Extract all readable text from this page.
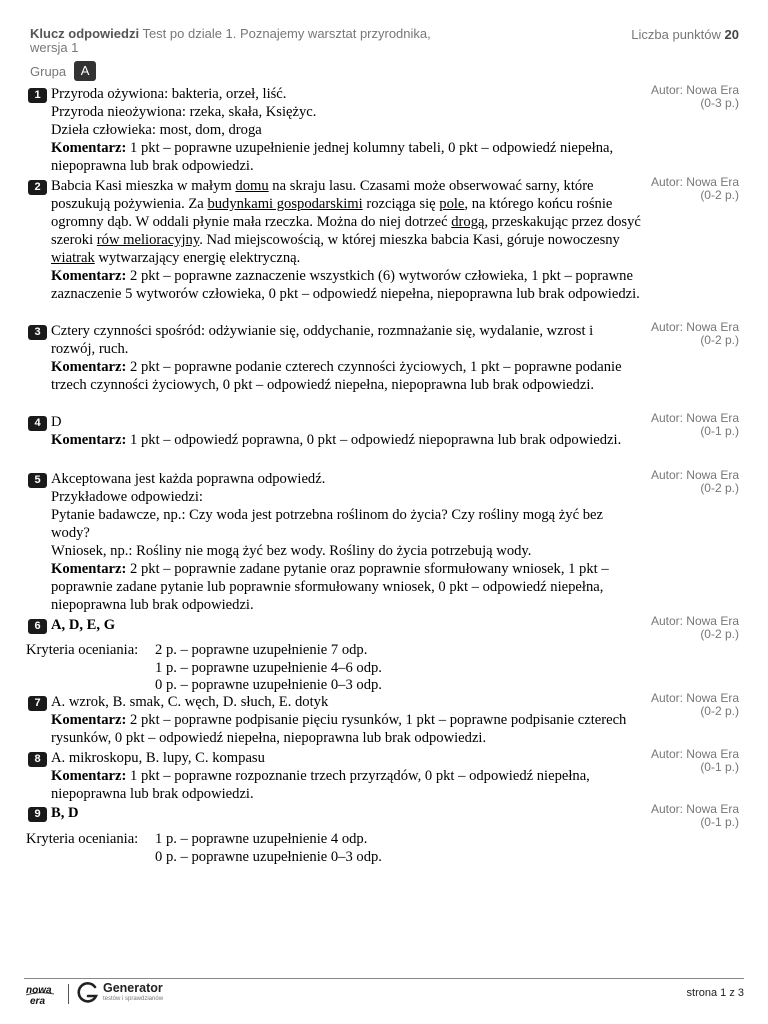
Klucz odpowiedzi Test po dziale 1. Poznajemy warsztat przyrodnika, wersja 1
Liczba punktów 20
Grupa	A
1	Autor: Nowa Era
(0-3 p.)

Przyroda ożywiona: bakteria, orzeł, liść.

Przyroda nieożywiona: rzeka, skała, Księżyc.

Dzieła człowieka: most, dom, droga

Komentarz: 1 pkt – poprawne uzupełnienie jednej kolumny tabeli, 0 pkt – odpowiedź niepełna, niepoprawna lub brak odpowiedzi.

2	Autor: Nowa Era
(0-2 p.)

Babcia Kasi mieszka w małym domu na skraju lasu. Czasami może obserwować sarny, które poszukują pożywienia. Za budynkami gospodarskimi rozciąga się pole, na którego końcu rośnie ogromny dąb. W oddali płynie mała rzeczka. Można do niej dotrzeć drogą, przeskakując przez dosyć szeroki rów melioracyjny. Nad miejscowością, w której mieszka babcia Kasi, góruje nowoczesny wiatrak wytwarzający energię elektryczną.

Komentarz: 2 pkt – poprawne zaznaczenie wszystkich (6) wytworów człowieka, 1 pkt – poprawne zaznaczenie 5 wytworów człowieka, 0 pkt – odpowiedź niepełna, niepoprawna lub brak odpowiedzi.

3	Autor: Nowa Era
(0-2 p.)

Cztery czynności spośród: odżywianie się, oddychanie, rozmnażanie się, wydalanie, wzrost i rozwój, ruch.

Komentarz: 2 pkt – poprawne podanie czterech czynności życiowych, 1 pkt – poprawne podanie trzech czynności życiowych, 0 pkt – odpowiedź niepełna, niepoprawna lub brak odpowiedzi.

4	Autor: Nowa Era
(0-1 p.)

D

Komentarz: 1 pkt – odpowiedź poprawna, 0 pkt – odpowiedź niepoprawna lub brak odpowiedzi.

5	Autor: Nowa Era
(0-2 p.)

Akceptowana jest każda poprawna odpowiedź.

Przykładowe odpowiedzi:

Pytanie badawcze, np.: Czy woda jest potrzebna roślinom do życia? Czy rośliny mogą żyć bez wody?

Wniosek, np.: Rośliny nie mogą żyć bez wody. Rośliny do życia potrzebują wody.

Komentarz: 2 pkt – poprawnie zadane pytanie oraz poprawnie sformułowany wniosek, 1 pkt – poprawnie zadane pytanie lub poprawnie sformułowany wniosek, 0 pkt – odpowiedź niepełna, niepoprawna lub brak odpowiedzi.

6	Autor: Nowa Era
(0-2 p.)

A, D, E, G

Kryteria oceniania: 2 p. – poprawne uzupełnienie 7 odp.
1 p. – poprawne uzupełnienie 4–6 odp.
0 p. – poprawne uzupełnienie 0–3 odp.
7	Autor: Nowa Era
(0-2 p.)

A. wzrok, B. smak, C. węch, D. słuch, E. dotyk

Komentarz: 2 pkt – poprawne podpisanie pięciu rysunków, 1 pkt – poprawne podpisanie czterech rysunków, 0 pkt – odpowiedź niepełna, niepoprawna lub brak odpowiedzi.

8	Autor: Nowa Era
(0-1 p.)

A. mikroskopu, B. lupy, C. kompasu

Komentarz: 1 pkt – poprawne rozpoznanie trzech przyrządów, 0 pkt – odpowiedź niepełna, niepoprawna lub brak odpowiedzi.

9	Autor: Nowa Era
(0-1 p.)

B, D

Kryteria oceniania: 1 p. – poprawne uzupełnienie 4 odp.
0 p. – poprawne uzupełnienie 0–3 odp.
nowa
era
Generator
testów i sprawdzianów	strona 1 z 3
